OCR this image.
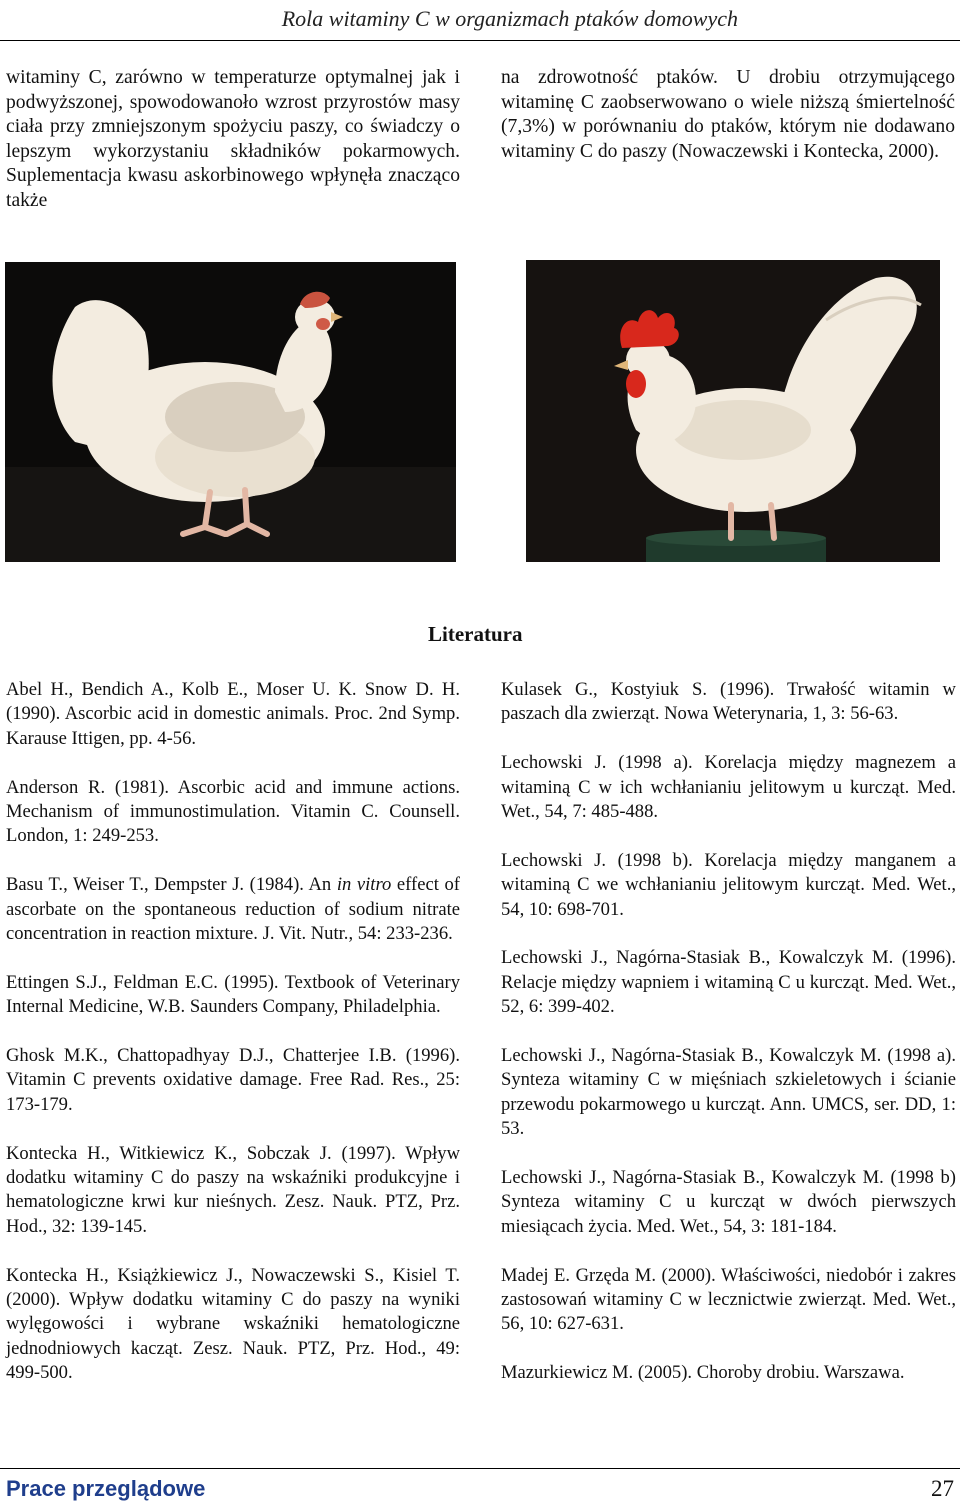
Rola witaminy C w organizmach ptaków domowych

witaminy C, zarówno w temperaturze optymalnej jak i podwyższonej, spowodowanoło wzrost przyrostów masy ciała przy zmniejszonym spożyciu paszy, co świadczy o lepszym wykorzystaniu składników pokarmowych. Suplementacja kwasu askorbinowego wpłynęła znacząco także

na zdrowotność ptaków. U drobiu otrzymującego witaminę C zaobserwowano o wiele niższą śmiertelność (7,3%) w porównaniu do ptaków, którym nie dodawano witaminy C do paszy (Nowaczewski i Kontecka, 2000).

Literatura

Abel H., Bendich A., Kolb E., Moser U. K. Snow D. H. (1990). Ascorbic acid in domestic animals. Proc. 2nd Symp. Karause Ittigen, pp. 4-56.

Anderson R. (1981). Ascorbic acid and immune actions. Mechanism of immunostimulation. Vitamin C. Counsell. London, 1: 249-253.

Basu T., Weiser T., Dempster J. (1984). An in vitro effect of ascorbate on the spontaneous reduction of sodium nitrate concentration in reaction mixture. J. Vit. Nutr., 54: 233-236.

Ettingen S.J., Feldman E.C. (1995). Textbook of Veterinary Internal Medicine, W.B. Saunders Company, Philadelphia.

Ghosk M.K., Chattopadhyay D.J., Chatterjee I.B. (1996). Vitamin C prevents oxidative damage. Free Rad. Res., 25: 173-179.

Kontecka H., Witkiewicz K., Sobczak J. (1997). Wpływ dodatku witaminy C do paszy na wskaźniki produkcyjne i hematologiczne krwi kur nieśnych. Zesz. Nauk. PTZ, Prz. Hod., 32: 139-145.

Kontecka H., Książkiewicz J., Nowaczewski S., Kisiel T. (2000). Wpływ dodatku witaminy C do paszy na wyniki wylęgowości i wybrane wskaźniki hematologiczne jednodniowych kacząt. Zesz. Nauk. PTZ, Prz. Hod., 49: 499-500.

Kulasek G., Kostyiuk S. (1996). Trwałość witamin w paszach dla zwierząt. Nowa Weterynaria, 1, 3: 56-63.

Lechowski J. (1998 a). Korelacja między magnezem a witaminą C w ich wchłanianiu jelitowym u kurcząt. Med. Wet., 54, 7: 485-488.

Lechowski J. (1998 b). Korelacja między manganem a witaminą C we wchłanianiu jelitowym kurcząt. Med. Wet., 54, 10: 698-701.

Lechowski J., Nagórna-Stasiak B., Kowalczyk M. (1996). Relacje między wapniem i witaminą C u kurcząt. Med. Wet., 52, 6: 399-402.

Lechowski J., Nagórna-Stasiak B., Kowalczyk M. (1998 a). Synteza witaminy C w mięśniach szkieletowych i ścianie przewodu pokarmowego u kurcząt. Ann. UMCS, ser. DD, 1: 53.

Lechowski J., Nagórna-Stasiak B., Kowalczyk M. (1998 b) Synteza witaminy C u kurcząt w dwóch pierwszych miesiącach życia. Med. Wet., 54, 3: 181-184.

Madej E. Grzęda M. (2000). Właściwości, niedobór i zakres zastosowań witaminy C w lecznictwie zwierząt. Med. Wet., 56, 10: 627-631.

Mazurkiewicz M. (2005). Choroby drobiu. Warszawa.

Prace przeglądowe	27
